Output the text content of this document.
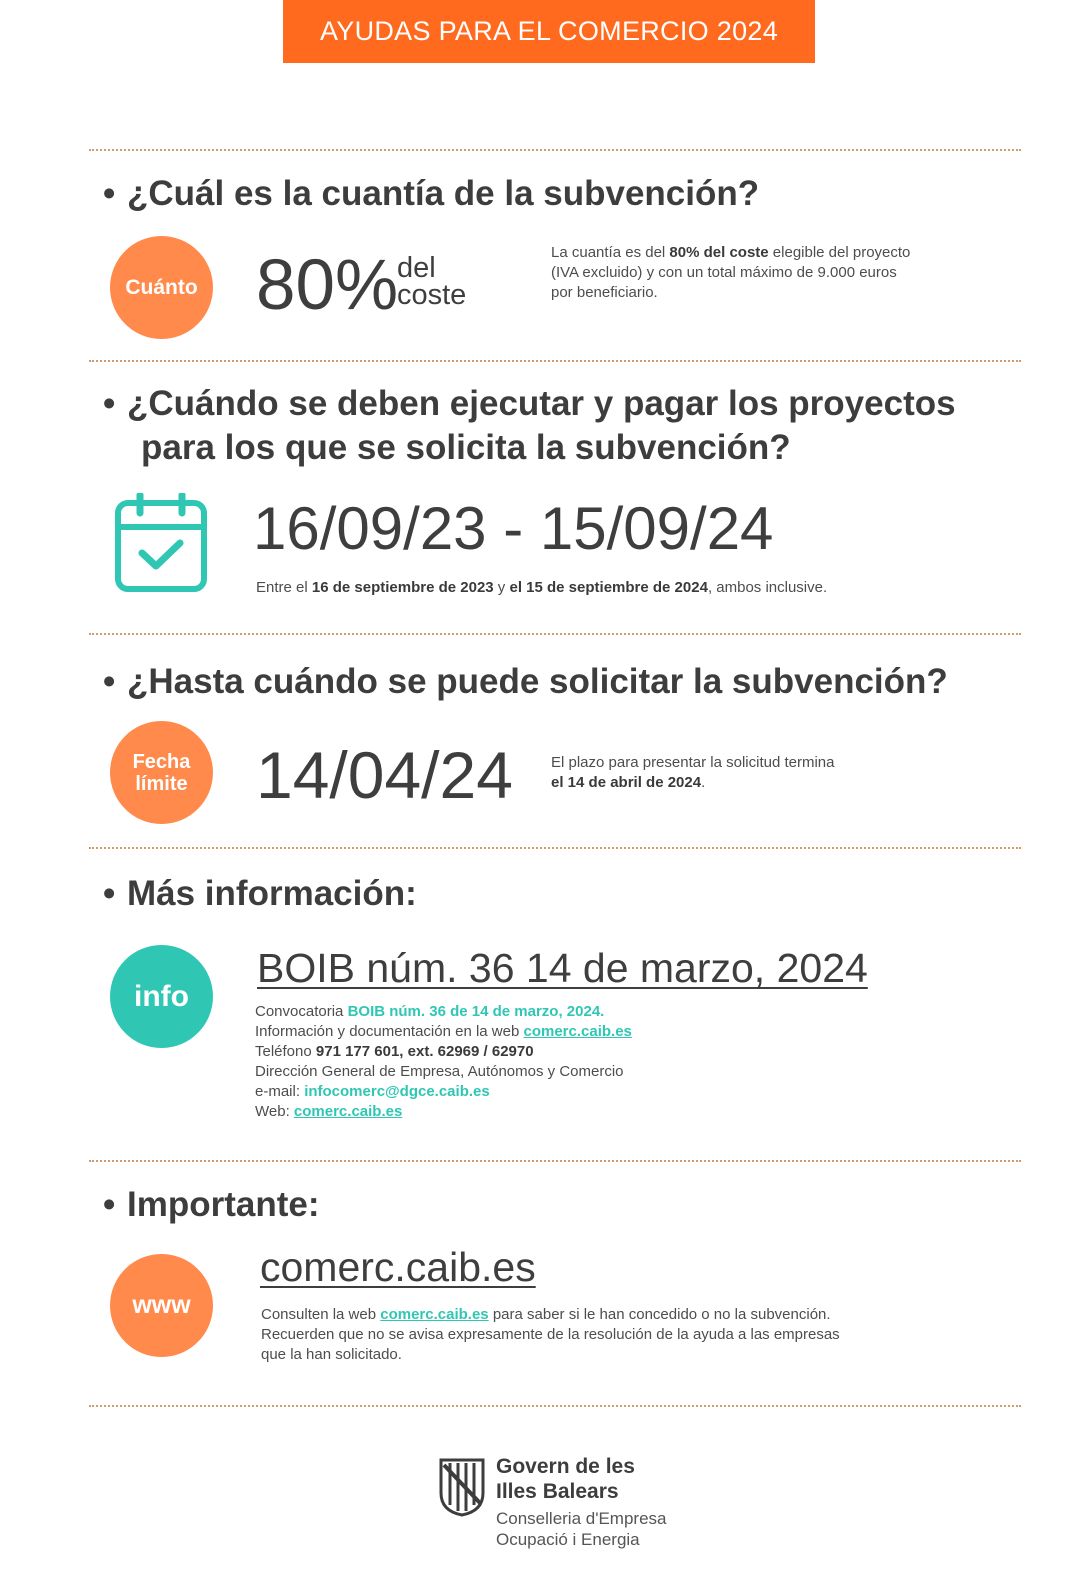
AYUDAS PARA EL COMERCIO 2024
• ¿Cuál es la cuantía de la subvención?
Cuánto 80%
del
coste
La cuantía es del 80% del coste elegible del proyecto
(IVA excluido) y con un total máximo de 9.000 euros
por beneficiario.
• ¿Cuándo se deben ejecutar y pagar los proyectos
para los que se solicita la subvención?
16/09/23 - 15/09/24
Entre el 16 de septiembre de 2023 y el 15 de septiembre de 2024, ambos inclusive.
• ¿Hasta cuándo se puede solicitar la subvención?
Fecha
límite 14/04/24	El plazo para presentar la solicitud termina
el 14 de abril de 2024.
• Más información:
info
BOIB núm. 36 14 de marzo, 2024
Convocatoria BOIB núm. 36 de 14 de marzo, 2024.
Información y documentación en la web comerc.caib.es
Teléfono 971 177 601, ext. 62969 / 62970
Dirección General de Empresa, Autónomos y Comercio
e-mail: infocomerc@dgce.caib.es
Web: comerc.caib.es
• Importante:
www
comerc.caib.es
Consulten la web comerc.caib.es para saber si le han concedido o no la subvención.
Recuerden que no se avisa expresamente de la resolución de la ayuda a las empresas
que la han solicitado.
Govern de les
Illes Balears
Conselleria d'Empresa
Ocupació i Energia
